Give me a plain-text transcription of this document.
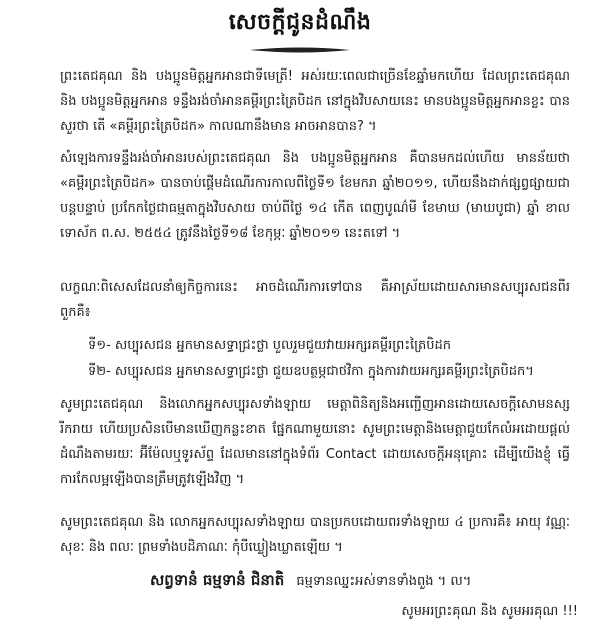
សេចក្ដីជូនដំណឹង
ព្រះតេជគុណ និង បងប្អូនមិត្តអ្នកអានជាទីមេត្រី! អស់រយៈពេលជាច្រើនខែឆ្នាំមកហើយ ដែលព្រះតេជគុណ និង បងប្អូនមិត្តអ្នកអាន ទន្ទឹងរង់ចាំអានគម្ពីរព្រះត្រៃបិដក នៅក្នុងវិបសាយនេះ មានបងប្អូនមិត្តអ្នកអានខ្លះ បានសួរថា តើ «គម្ពីរព្រះត្រៃបិដក» កាលណានឹងមាន អាចអានបាន? ។
សំឡេងការទន្ទឹងរង់ចាំអានរបស់ព្រះតេជគុណ និង បងប្អូនមិត្តអ្នកអាន គឺបានមកដល់ហើយ មានន័យថា «គម្ពីរព្រះត្រៃបិដក» បានចាប់ផ្ដើមដំណើរការកាលពីថ្ងៃទី១ ខែមករា ឆ្នាំ២០១១, ហើយនឹងដាក់ផ្សព្វផ្សាយជាបន្តបន្ទាប់ ប្រកែកថ្ងៃជាធម្មតាក្នុងវិបសាយ ចាប់ពីថ្ងៃ ១៤ កើត ពេញបូណ៌មី ខែមាឃ (មាឃបូជា) ឆ្នាំ ខាល ទោស័ក ព.ស. ២៥៥៤ ត្រូវនឹងថ្ងៃទី១៨ ខែកុម្ភៈ ឆ្នាំ២០១១ នេះតទៅ ។
លក្ខណៈពិសេសដែលនាំឲ្យកិច្ចការនេះ អាចដំណើរការទៅបាន គឺអាស្រ័យដោយសារមានសប្បុរសជនពីរពួកគឺ៖
ទី១- សប្បុរសជន អ្នកមានសទ្ធាជ្រះថ្លា បួលរួមជួយវាយអក្សរគម្ពីរព្រះត្រៃបិដក
ទី២- សប្បុរសជន អ្នកមានសទ្ធាជ្រះថ្លា ជួយឧបត្ថម្ភជាថវិកា ក្នុងការវាយអក្សរគម្ពីរព្រះត្រៃបិដក។
សូមព្រះតេជគុណ និងលោកអ្នកសប្បុរសទាំងឡាយ មេត្តាពិនិត្យនិងអញ្ជើញអានដោយសេចក្ដីសោមនស្សរីករាយ ហើយប្រសិនបើមានឃើញកន្លះខាត ផ្នែកណាមួយនោះ សូមព្រះមេត្តានិងមេត្តាជួយកែលំអដោយផ្ដល់ដំណឹងតាមរយៈ អ៊ីម៉ែលឬទូរស័ព្ទ ដែលមាននៅក្នុងទំព័រ Contact ដោយសេចក្ដីអនុគ្រោះ ដើម្បីយើងខ្ញុំ ធ្វើការកែលម្អឡើងបានត្រឹមត្រូវឡើងវិញ ។
សូមព្រះតេជគុណ និង លោកអ្នកសប្បុរសទាំងឡាយ បានប្រកបដោយពរទាំងឡាយ ៤ ប្រការគឺ៖ អាយុ វណ្ណៈ សុខៈ និង ពលៈ ព្រមទាំងបដិភាណៈ កុំបីឃ្លៀងឃ្លាតឡើយ ។
សព្វទានំ ធម្មទានំ ជិនាតិ ធម្មទានឈ្នះអស់ទានទាំងពួង ។ ល។
សូមអរព្រះគុណ និង សូមអរគុណ !!!
